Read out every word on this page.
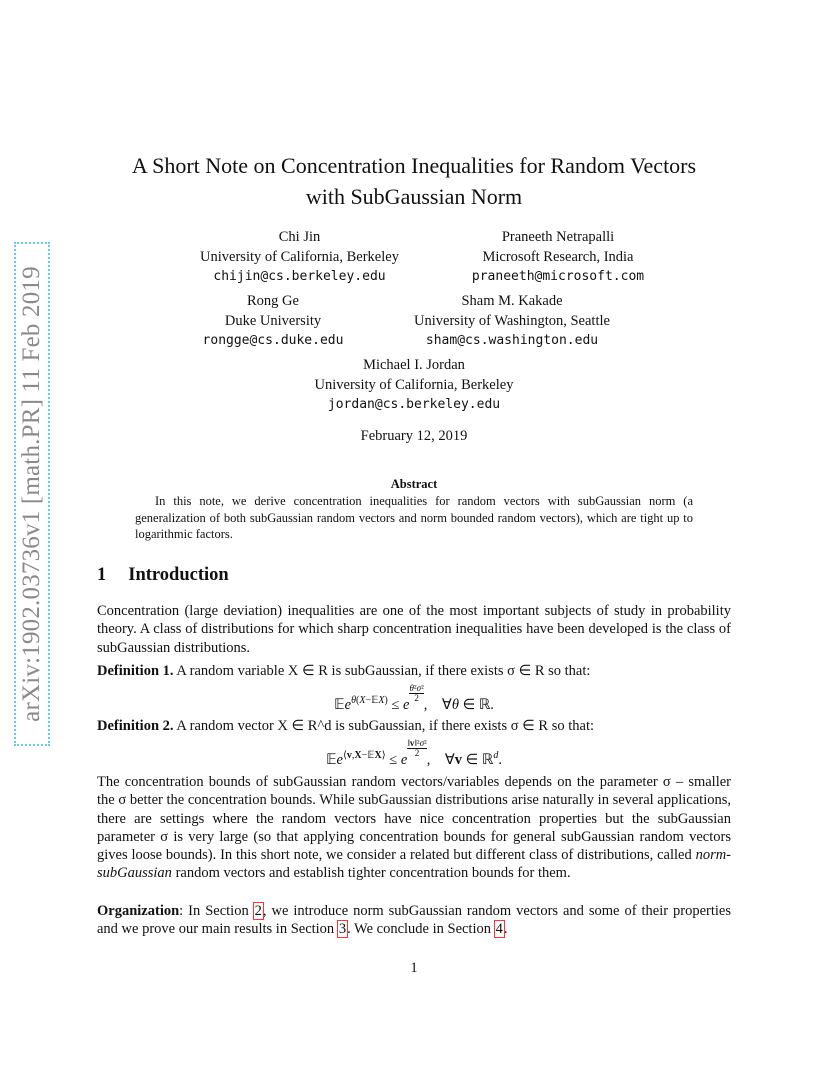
arXiv:1902.03736v1 [math.PR] 11 Feb 2019
A Short Note on Concentration Inequalities for Random Vectors
with SubGaussian Norm
Chi Jin
University of California, Berkeley
chijin@cs.berkeley.edu
Praneeth Netrapalli
Microsoft Research, India
praneeth@microsoft.com
Rong Ge
Duke University
rongge@cs.duke.edu
Sham M. Kakade
University of Washington, Seattle
sham@cs.washington.edu
Michael I. Jordan
University of California, Berkeley
jordan@cs.berkeley.edu
February 12, 2019
Abstract
In this note, we derive concentration inequalities for random vectors with subGaussian norm (a generalization of both subGaussian random vectors and norm bounded random vectors), which are tight up to logarithmic factors.
1 Introduction
Concentration (large deviation) inequalities are one of the most important subjects of study in probability theory. A class of distributions for which sharp concentration inequalities have been developed is the class of subGaussian distributions.
Definition 1. A random variable X ∈ R is subGaussian, if there exists σ ∈ R so that:
𝔼e$^{\theta(X-𝔼X)}$ ≤ $e\frac{\text{θ²σ²}}{2}$
,    ∀θ ∈ ℝ.
Definition 2. A random vector X ∈ R^d is subGaussian, if there exists σ ∈ R so that:
𝔼e$^{⟨v,X-𝔼X⟩}$ ≤ $e\frac{\text{‖v‖²σ²}}{2}$
,    ∀v ∈ ℝ$^d$.
The concentration bounds of subGaussian random vectors/variables depends on the parameter σ – smaller the σ better the concentration bounds. While subGaussian distributions arise naturally in several applications, there are settings where the random vectors have nice concentration properties but the subGaussian parameter σ is very large (so that applying concentration bounds for general subGaussian random vectors gives loose bounds). In this short note, we consider a related but different class of distributions, called norm-subGaussian random vectors and establish tighter concentration bounds for them.
Organization: In Section 2, we introduce norm subGaussian random vectors and some of their properties and we prove our main results in Section 3. We conclude in Section 4.
1
